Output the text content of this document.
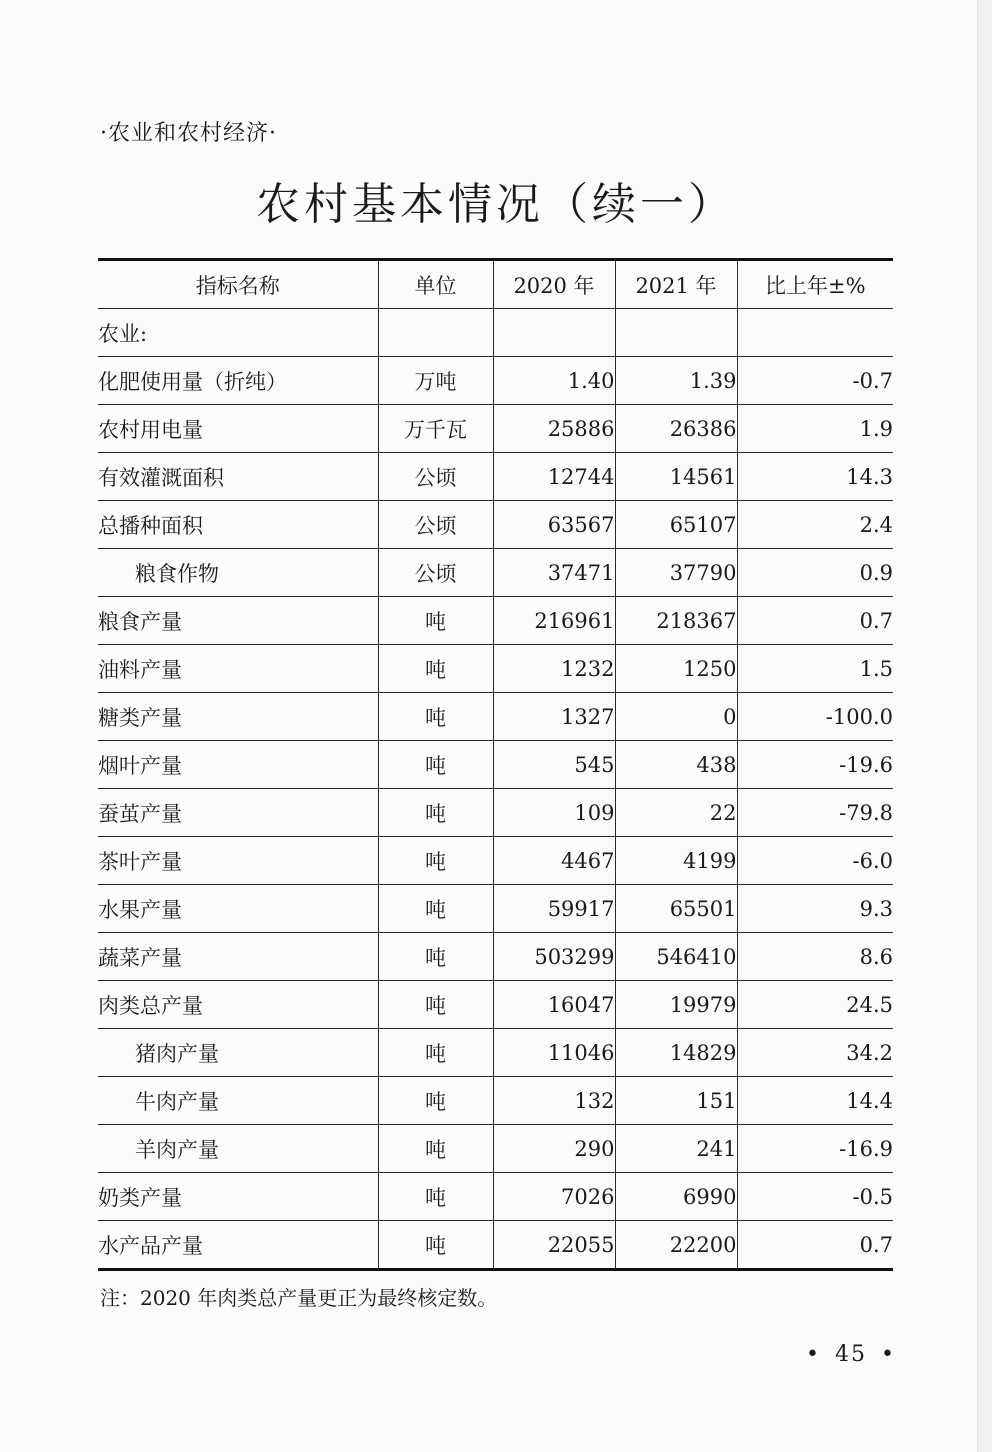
·农业和农村经济·
农村基本情况（续一）
指标名称	单位	2020 年	2021 年	比上年±%
农业:				
化肥使用量（折纯）	万吨	1.40	1.39	-0.7
农村用电量	万千瓦	25886	26386	1.9
有效灌溉面积	公顷	12744	14561	14.3
总播种面积	公顷	63567	65107	2.4
粮食作物	公顷	37471	37790	0.9
粮食产量	吨	216961	218367	0.7
油料产量	吨	1232	1250	1.5
糖类产量	吨	1327	0	-100.0
烟叶产量	吨	545	438	-19.6
蚕茧产量	吨	109	22	-79.8
茶叶产量	吨	4467	4199	-6.0
水果产量	吨	59917	65501	9.3
蔬菜产量	吨	503299	546410	8.6
肉类总产量	吨	16047	19979	24.5
猪肉产量	吨	11046	14829	34.2
牛肉产量	吨	132	151	14.4
羊肉产量	吨	290	241	-16.9
奶类产量	吨	7026	6990	-0.5
水产品产量	吨	22055	22200	0.7
注：2020 年肉类总产量更正为最终核定数。
• 45 •
